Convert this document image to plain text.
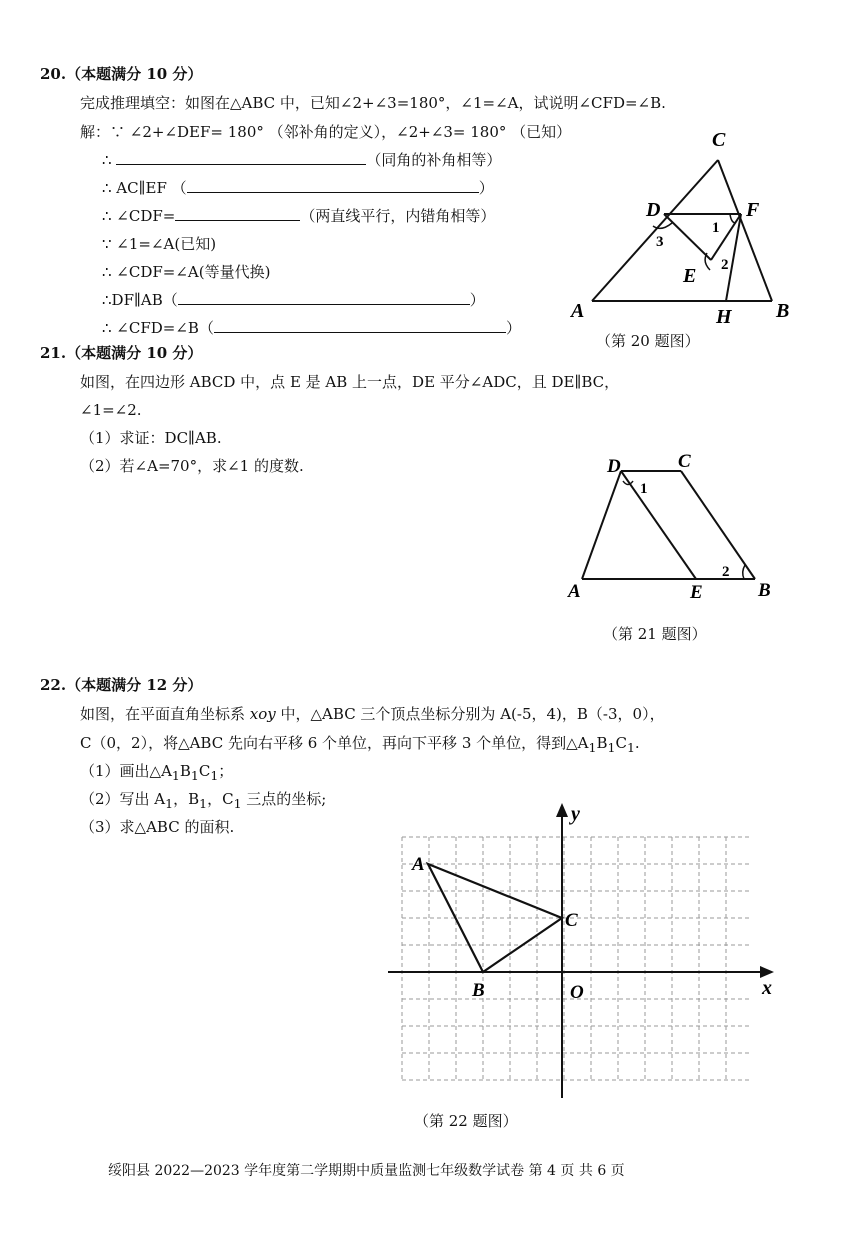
20.（本题满分 10 分）
完成推理填空：如图在△ABC 中，已知∠2+∠3=180°，∠1=∠A，试说明∠CFD=∠B.
解：∵ ∠2+∠DEF= 180° （邻补角的定义），∠2+∠3= 180° （已知）
∴	（同角的补角相等）
∴ AC∥EF （	）
∴ ∠CDF=	（两直线平行，内错角相等）
∵ ∠1=∠A(已知)
∴ ∠CDF=∠A(等量代换)
∴DF∥AB（	）
∴ ∠CFD=∠B（	）
C
D	F
A	H B
E
1
2
3
（第 20 题图）
21.（本题满分 10 分）
如图，在四边形 ABCD 中，点 E 是 AB 上一点，DE 平分∠ADC，且 DE∥BC，
∠1=∠2.
（1）求证：DC∥AB.
（2）若∠A=70°，求∠1 的度数.	D	C
A	E	B
1
2
（第 21 题图）
22.（本题满分 12 分）
如图，在平面直角坐标系 xoy 中，△ABC 三个顶点坐标分别为 A(-5，4)，B（-3，0），
C（0，2），将△ABC 先向右平移 6 个单位，再向下平移 3 个单位，得到$\triangle A_1B_1C_1$.
（1）画出$\triangle A_1B_1C_1$；
（2）写出 $A_1$，$B_1$，$C_1$ 三点的坐标;
（3）求△ABC 的面积.
A
B
C
O	x
y
（第 22 题图）
绥阳县 2022—2023 学年度第二学期期中质量监测七年级数学试卷 第 4 页 共 6 页
